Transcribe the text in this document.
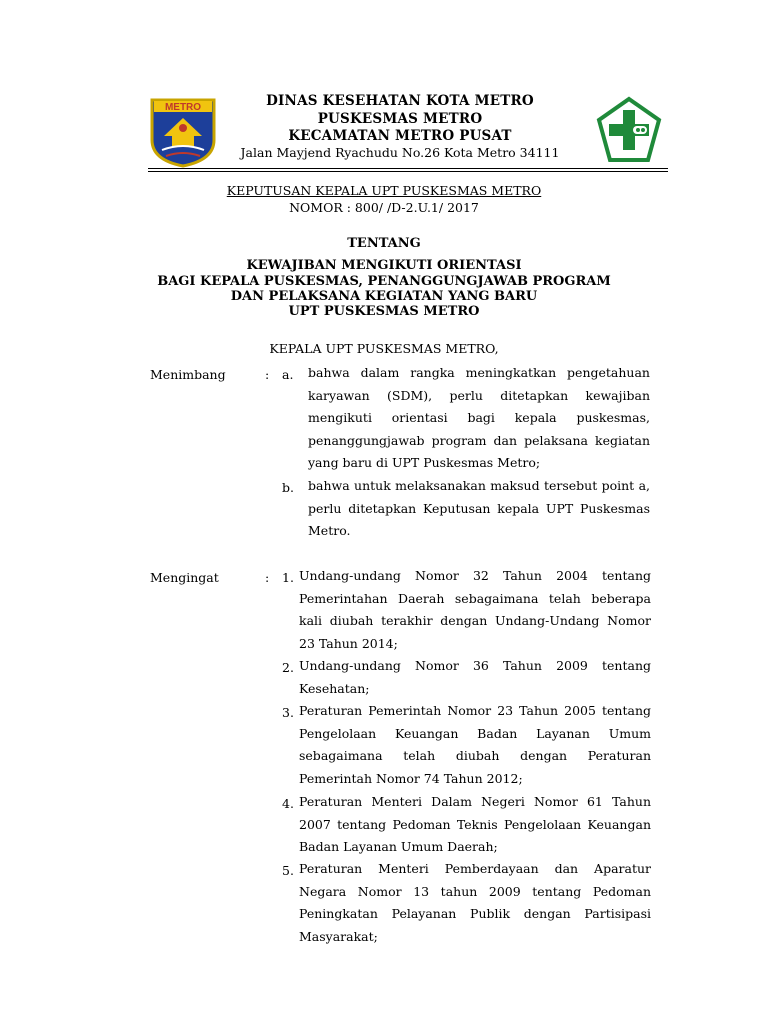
METRO	DINAS KESEHATAN KOTA METRO
PUSKESMAS METRO
KECAMATAN METRO PUSAT
Jalan Mayjend Ryachudu No.26 Kota Metro 34111
KEPUTUSAN KEPALA UPT PUSKESMAS METRO
NOMOR : 800/ /D-2.U.1/ 2017
TENTANG
KEWAJIBAN MENGIKUTI ORIENTASI
BAGI KEPALA PUSKESMAS, PENANGGUNGJAWAB PROGRAM
DAN PELAKSANA KEGIATAN YANG BARU
UPT PUSKESMAS METRO
KEPALA UPT PUSKESMAS METRO,
Menimbang	: a. bahwa dalam rangka meningkatkan pengetahuan karyawan (SDM), perlu ditetapkan kewajiban mengikuti orientasi bagi kepala puskesmas, penanggungjawab program dan pelaksana kegiatan yang baru di UPT Puskesmas Metro;
b. bahwa untuk melaksanakan maksud tersebut point a, perlu ditetapkan Keputusan kepala UPT Puskesmas Metro.
Mengingat	: 1. Undang-undang Nomor 32 Tahun 2004 tentang Pemerintahan Daerah sebagaimana telah beberapa kali diubah terakhir dengan Undang-Undang Nomor 23 Tahun 2014;
2. Undang-undang Nomor 36 Tahun 2009 tentang Kesehatan;
3. Peraturan Pemerintah Nomor 23 Tahun 2005 tentang Pengelolaan Keuangan Badan Layanan Umum sebagaimana telah diubah dengan Peraturan Pemerintah Nomor 74 Tahun 2012;
4. Peraturan Menteri Dalam Negeri Nomor 61 Tahun 2007 tentang Pedoman Teknis Pengelolaan Keuangan Badan Layanan Umum Daerah;
5. Peraturan Menteri Pemberdayaan dan Aparatur Negara Nomor 13 tahun 2009 tentang Pedoman Peningkatan Pelayanan Publik dengan Partisipasi Masyarakat;
